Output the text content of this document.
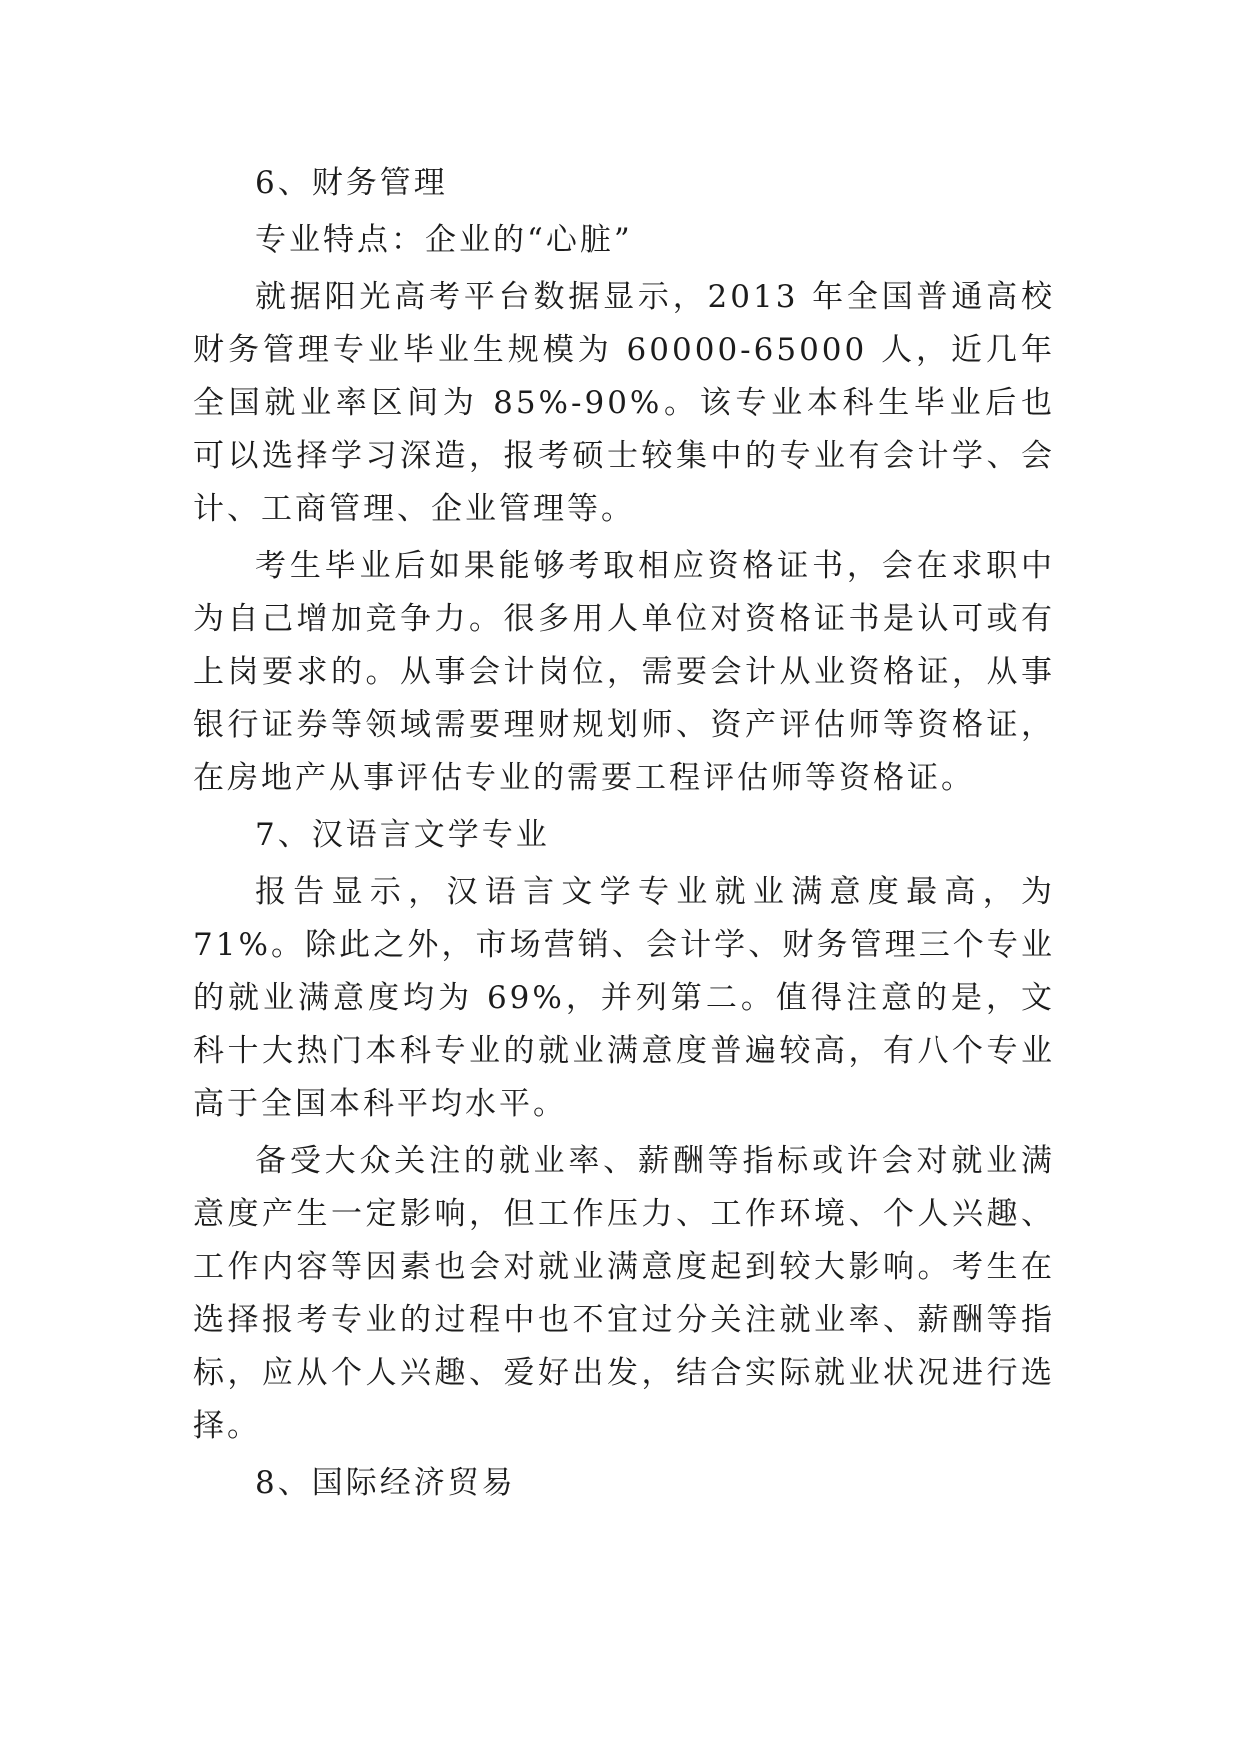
6、财务管理

专业特点：企业的“心脏”

就据阳光高考平台数据显示，2013 年全国普通高校财务管理专业毕业生规模为 60000-65000 人，近几年全国就业率区间为 85%-90%。该专业本科生毕业后也可以选择学习深造，报考硕士较集中的专业有会计学、会计、工商管理、企业管理等。

考生毕业后如果能够考取相应资格证书，会在求职中为自己增加竞争力。很多用人单位对资格证书是认可或有上岗要求的。从事会计岗位，需要会计从业资格证，从事银行证券等领域需要理财规划师、资产评估师等资格证，在房地产从事评估专业的需要工程评估师等资格证。

7、汉语言文学专业

报告显示，汉语言文学专业就业满意度最高，为 71%。除此之外，市场营销、会计学、财务管理三个专业的就业满意度均为 69%，并列第二。值得注意的是，文科十大热门本科专业的就业满意度普遍较高，有八个专业高于全国本科平均水平。

备受大众关注的就业率、薪酬等指标或许会对就业满意度产生一定影响，但工作压力、工作环境、个人兴趣、工作内容等因素也会对就业满意度起到较大影响。考生在选择报考专业的过程中也不宜过分关注就业率、薪酬等指标，应从个人兴趣、爱好出发，结合实际就业状况进行选择。

8、国际经济贸易
